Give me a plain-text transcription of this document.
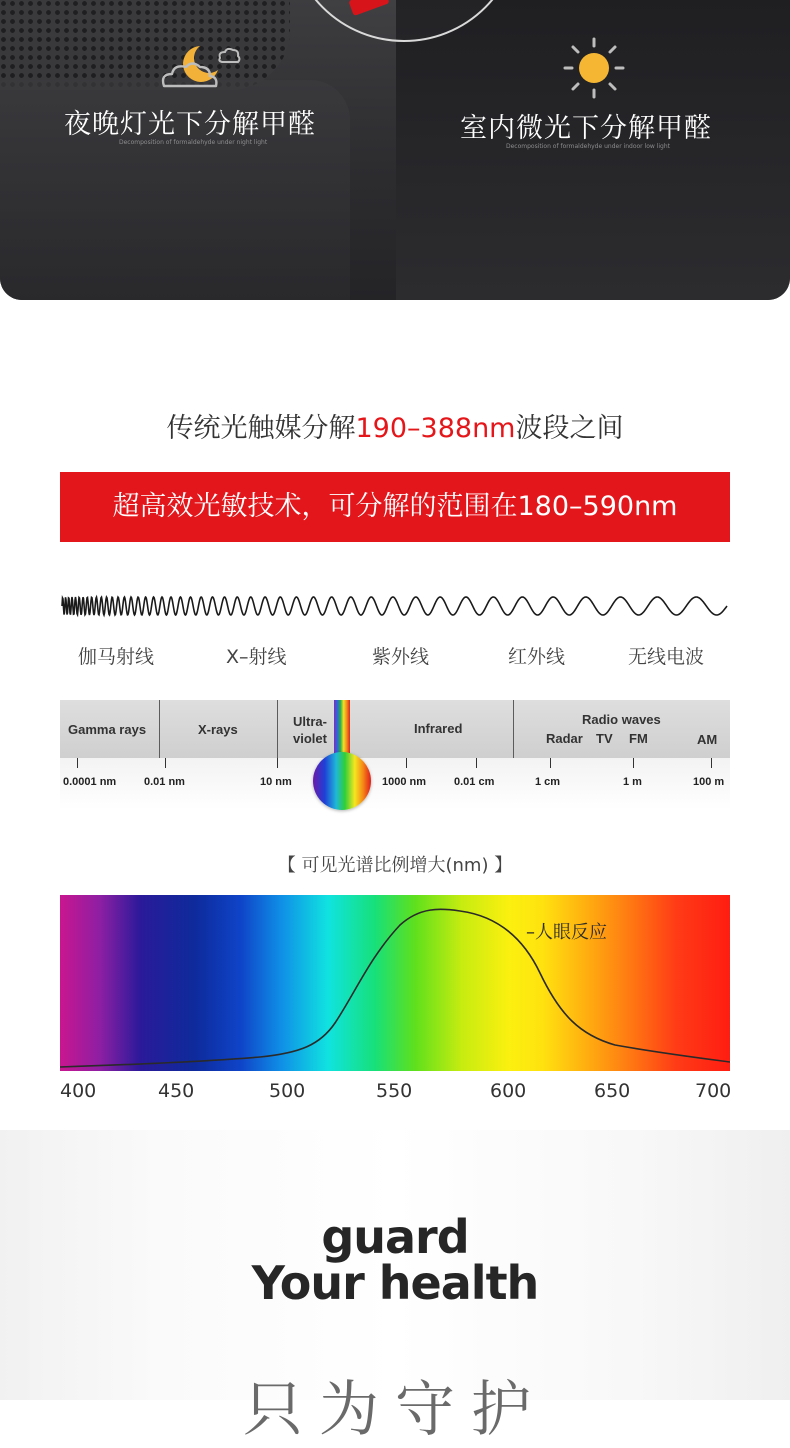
夜晚灯光下分解甲醛
Decomposition of formaldehyde under night light	室内微光下分解甲醛
Decomposition of formaldehyde under indoor low light
传统光触媒分解190–388nm波段之间
超高效光敏技术，可分解的范围在180–590nm
伽马射线	X–射线	紫外线	红外线	无线电波
Gamma rays	X-rays
Ultra-
violet
Infrared
Radio waves
Radar TV FM	AM
0.0001 nm	0.01 nm	10 nm	1000 nm	0.01 cm	1 cm	1 m	100 m
【 可见光谱比例增大(nm) 】
–人眼反应
400	450	500	550	600	650	700
guard
Your health
只为守护
